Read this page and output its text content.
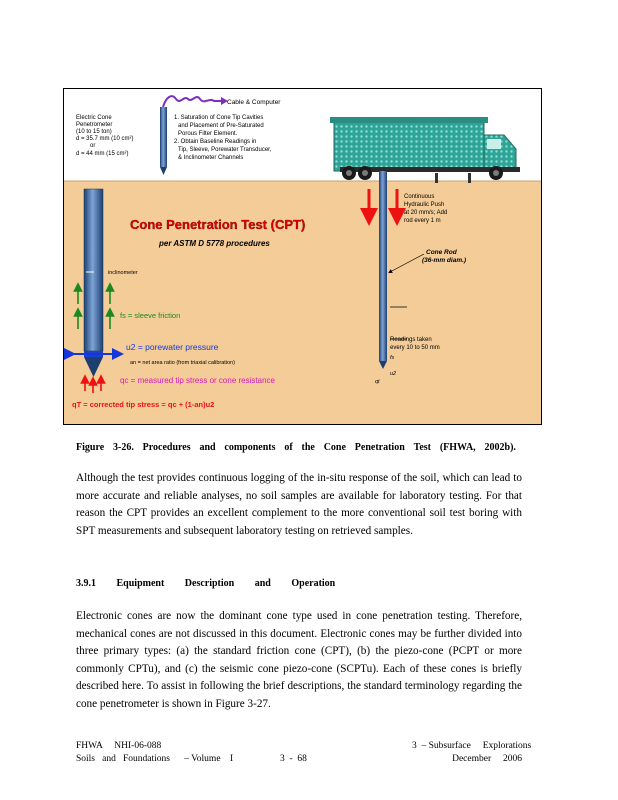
Cable & Computer
Electric Cone Penetrometer (10 to 15 ton) d = 35.7 mm (10 cm²) or d = 44 mm (15 cm²)
1. Saturation of Cone Tip Cavities and Placement of Pre-Saturated Porous Filter Element. 2. Obtain Baseline Readings in Tip, Sleeve, Porewater Transducer, & Inclinometer Channels
inclinometer
Cone Penetration Test (CPT)
per ASTM D 5778 procedures
fs = sleeve friction
u2 = porewater pressure
an = net area ratio (from triaxial calibration)
qc = measured tip stress or cone resistance
qT = corrected tip stress = qc + (1-an)u2
Continuous Hydraulic Push at 20 mm/s; Add rod every 1 m
Cone Rod (36-mm diam.)
Readings taken every 10 to 50 mm
fs
u2
qt
Figure 3-26. Procedures and components of the Cone Penetration Test (FHWA, 2002b).

Although the test provides continuous logging of the in-situ response of the soil, which can lead to more accurate and reliable analyses, no soil samples are available for laboratory testing. For that reason the CPT provides an excellent complement to the more conventional soil test boring with SPT measurements and subsequent laboratory testing on retrieved samples.

3.9.1 Equipment Description and Operation

Electronic cones are now the dominant cone type used in cone penetration testing. Therefore, mechanical cones are not discussed in this document. Electronic cones may be further divided into three primary types: (a) the standard friction cone (CPT), (b) the piezo-cone (PCPT or more commonly CPTu), and (c) the seismic cone piezo-cone (SCPTu). Each of these cones is briefly described here. To assist in following the brief descriptions, the standard terminology regarding the cone penetrometer is shown in Figure 3-27.

FHWA     NHI-06-088
Soils   and   Foundations      – Volume    I	3  -  68
3  – Subsurface     Explorations
December     2006
